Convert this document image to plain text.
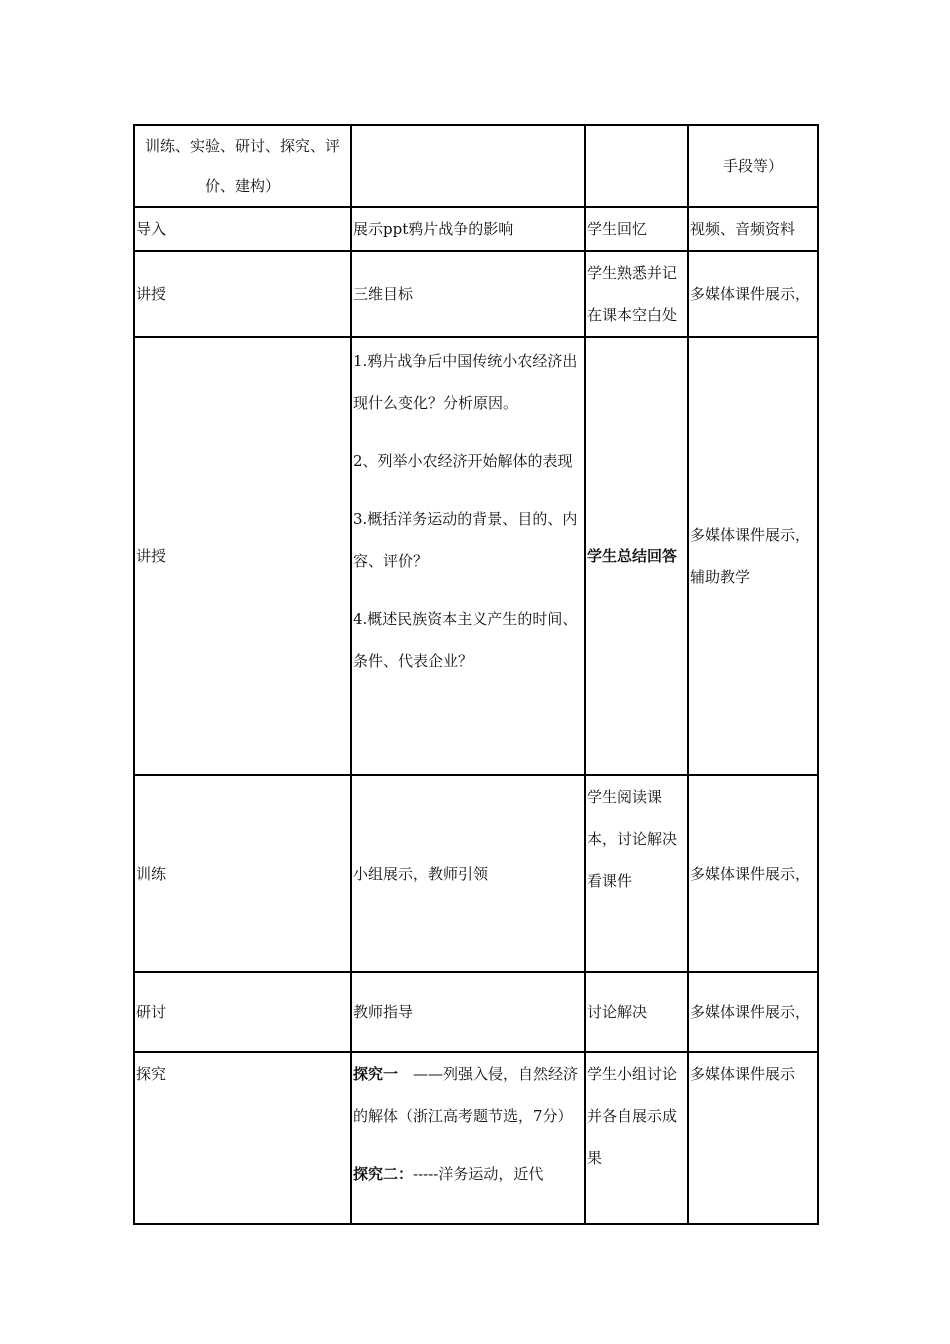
训练、实验、研讨、探究、评价、建构）			手段等）
导入	展示ppt鸦片战争的影响	学生回忆	视频、音频资料
讲授	三维目标	学生熟悉并记在课本空白处	多媒体课件展示，
讲授	1.鸦片战争后中国传统小农经济出现什么变化？分析原因。

2、列举小农经济开始解体的表现

3.概括洋务运动的背景、目的、内容、评价？

4.概述民族资本主义产生的时间、条件、代表企业？	学生总结回答	多媒体课件展示，辅助教学
训练	小组展示，教师引领	学生阅读课本，讨论解决看课件	多媒体课件展示，
研讨	教师指导	讨论解决	多媒体课件展示，
探究	探究一　——列强入侵，自然经济的解体（浙江高考题节选，7分）

探究二：-----洋务运动，近代	学生小组讨论并各自展示成果	多媒体课件展示
